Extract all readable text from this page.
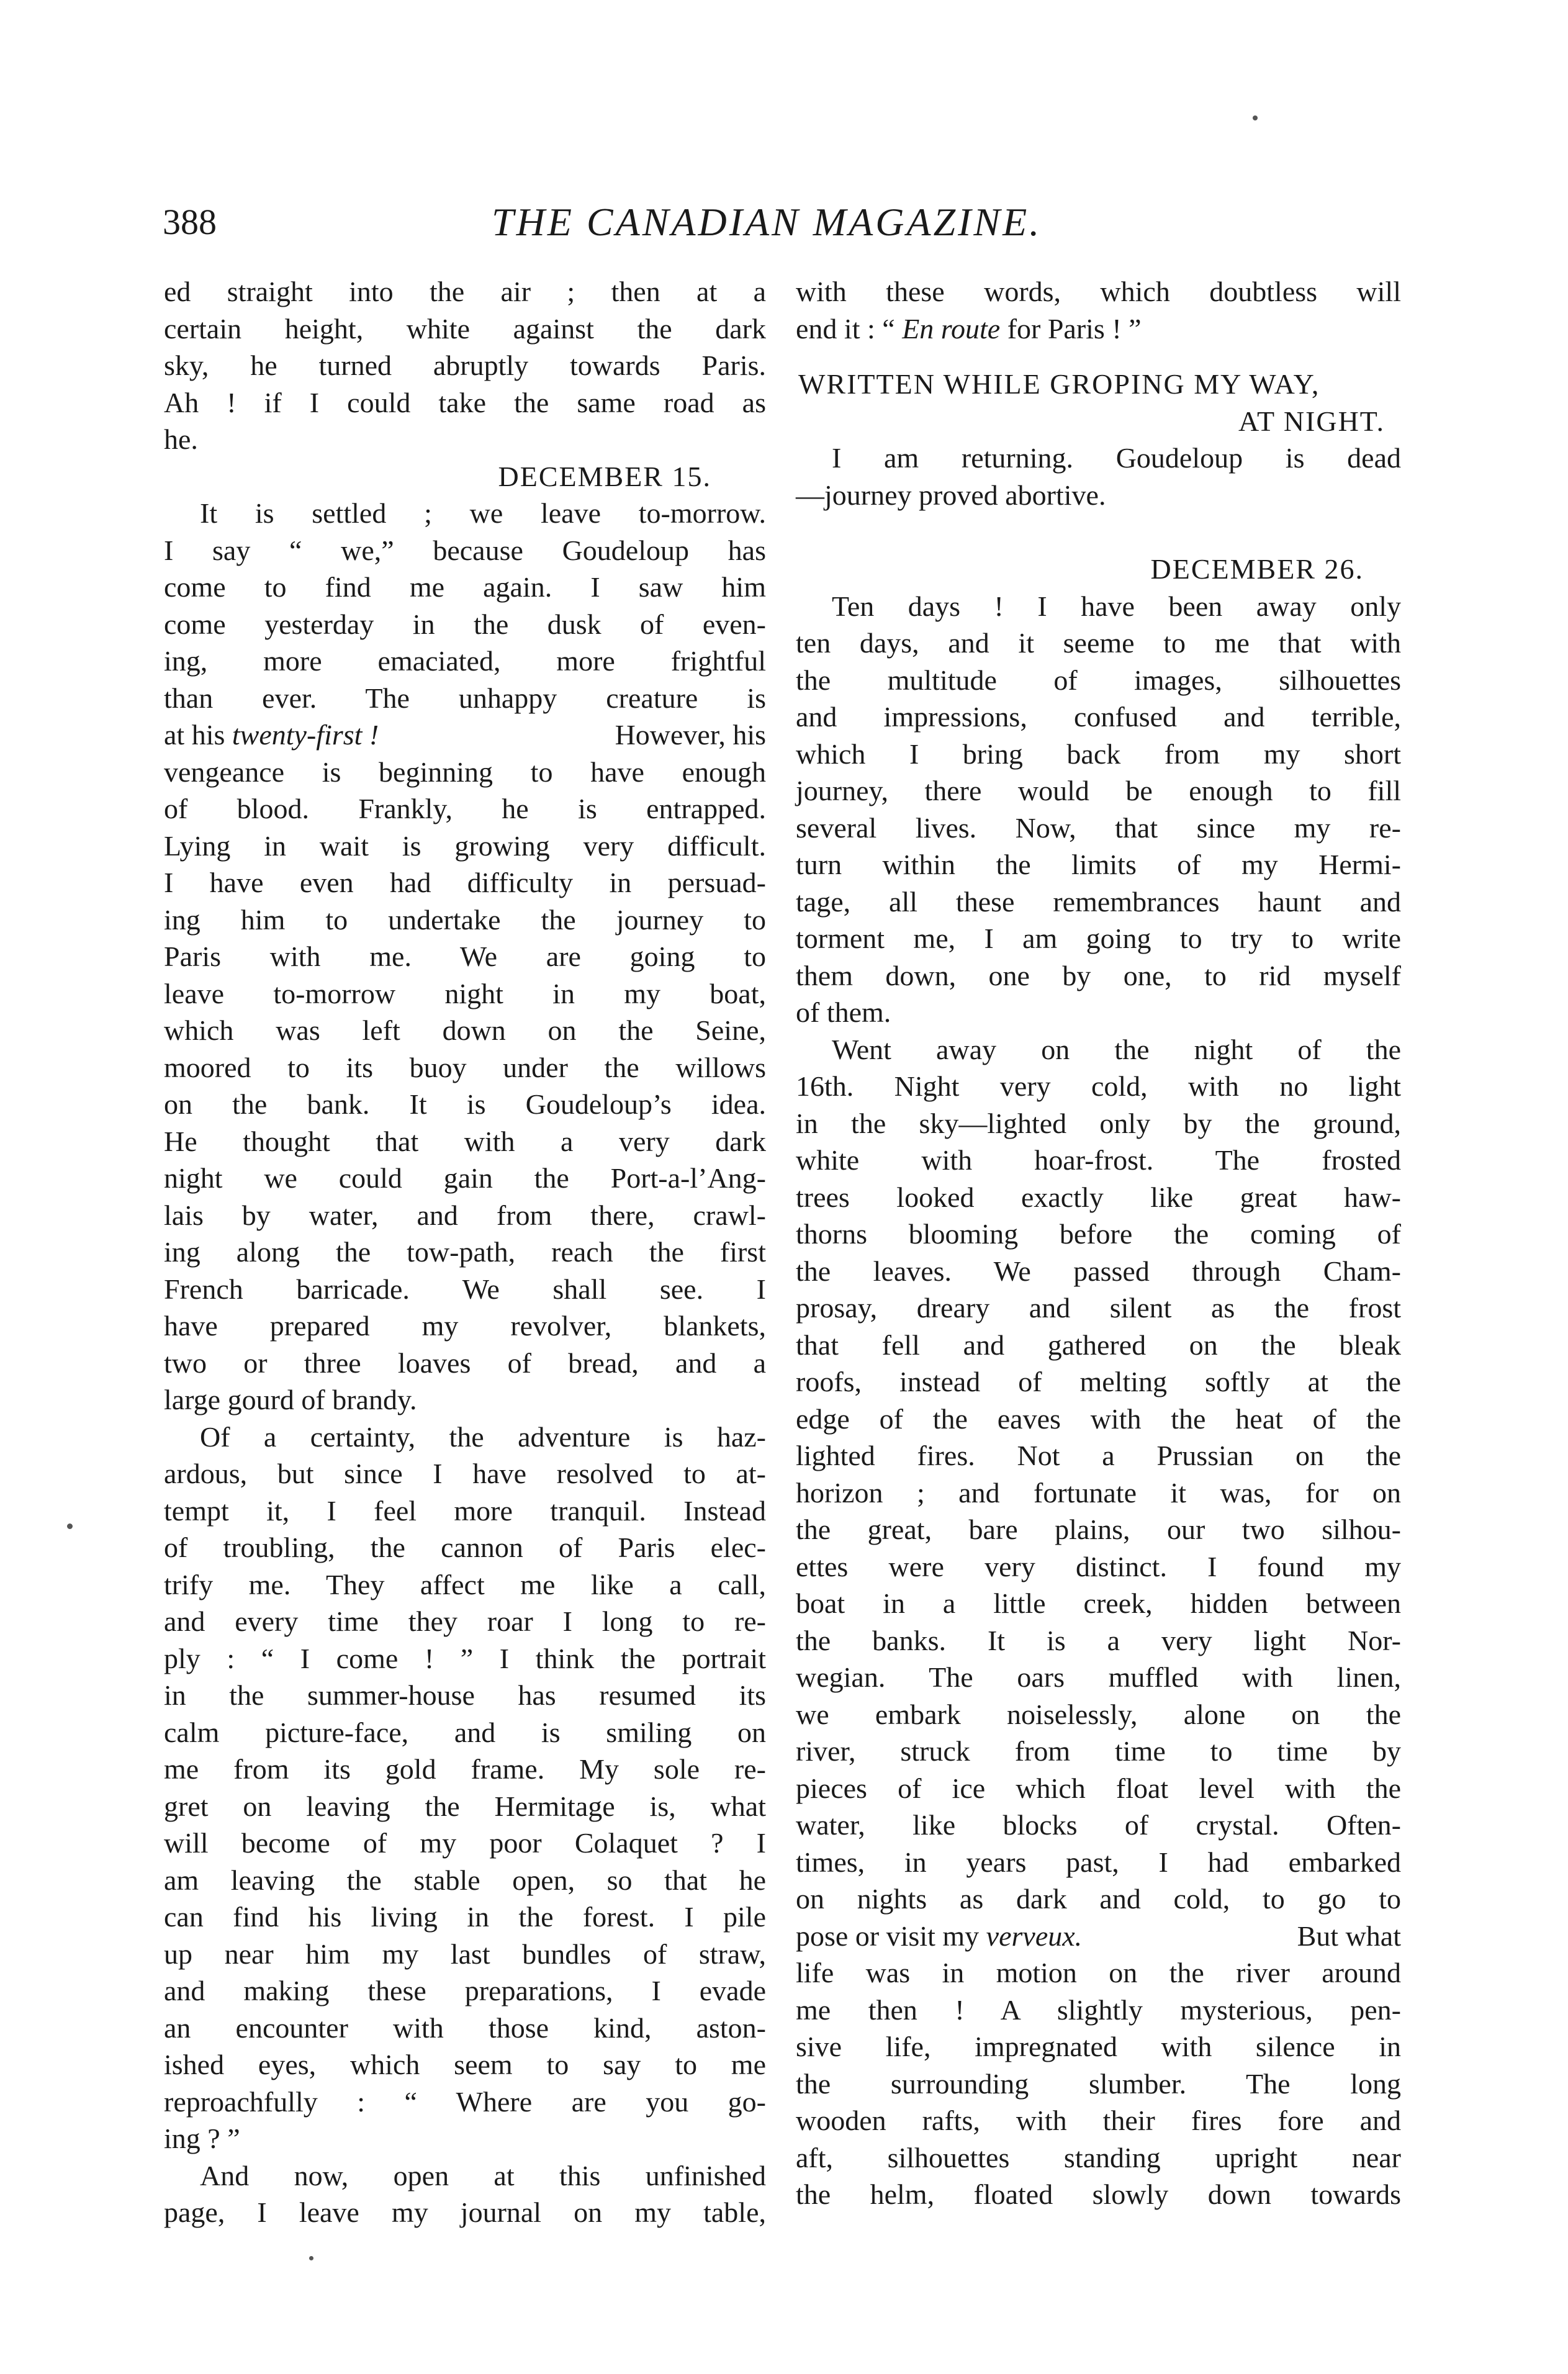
388	THE CANADIAN MAGAZINE.
ed straight into the air ; then at a
certain height, white against the dark
sky, he turned abruptly towards Paris.
Ah ! if I could take the same road as
he.
DECEMBER 15.
It is settled ; we leave to-morrow.
I say “ we,” because Goudeloup has
come to find me again. I saw him
come yesterday in the dusk of even-
ing, more emaciated, more frightful
than ever. The unhappy creature is
at his twenty-first !	However, his
vengeance is beginning to have enough
of blood. Frankly, he is entrapped.
Lying in wait is growing very difficult.
I have even had difficulty in persuad-
ing him to undertake the journey to
Paris with me. We are going to
leave to-morrow night in my boat,
which was left down on the Seine,
moored to its buoy under the willows
on the bank. It is Goudeloup’s idea.
He thought that with a very dark
night we could gain the Port-a-l’Ang-
lais by water, and from there, crawl-
ing along the tow-path, reach the first
French barricade. We shall see. I
have prepared my revolver, blankets,
two or three loaves of bread, and a
large gourd of brandy.
Of a certainty, the adventure is haz-
ardous, but since I have resolved to at-
tempt it, I feel more tranquil. Instead
of troubling, the cannon of Paris elec-
trify me. They affect me like a call,
and every time they roar I long to re-
ply : “ I come ! ” I think the portrait
in the summer-house has resumed its
calm picture-face, and is smiling on
me from its gold frame. My sole re-
gret on leaving the Hermitage is, what
will become of my poor Colaquet ? I
am leaving the stable open, so that he
can find his living in the forest. I pile
up near him my last bundles of straw,
and making these preparations, I evade
an encounter with those kind, aston-
ished eyes, which seem to say to me
reproachfully : “ Where are you go-
ing ? ”
And now, open at this unfinished
page, I leave my journal on my table,
with these words, which doubtless will
end it : “ En route for Paris ! ”
WRITTEN WHILE GROPING MY WAY,
AT NIGHT.
I am returning. Goudeloup is dead
—journey proved abortive.
DECEMBER 26.
Ten days ! I have been away only
ten days, and it seeme to me that with
the multitude of images, silhouettes
and impressions, confused and terrible,
which I bring back from my short
journey, there would be enough to fill
several lives. Now, that since my re-
turn within the limits of my Hermi-
tage, all these remembrances haunt and
torment me, I am going to try to write
them down, one by one, to rid myself
of them.
Went away on the night of the
16th. Night very cold, with no light
in the sky—lighted only by the ground,
white with hoar-frost. The frosted
trees looked exactly like great haw-
thorns blooming before the coming of
the leaves. We passed through Cham-
prosay, dreary and silent as the frost
that fell and gathered on the bleak
roofs, instead of melting softly at the
edge of the eaves with the heat of the
lighted fires. Not a Prussian on the
horizon ; and fortunate it was, for on
the great, bare plains, our two silhou-
ettes were very distinct. I found my
boat in a little creek, hidden between
the banks. It is a very light Nor-
wegian. The oars muffled with linen,
we embark noiselessly, alone on the
river, struck from time to time by
pieces of ice which float level with the
water, like blocks of crystal. Often-
times, in years past, I had embarked
on nights as dark and cold, to go to
pose or visit my verveux.	But what
life was in motion on the river around
me then ! A slightly mysterious, pen-
sive life, impregnated with silence in
the surrounding slumber. The long
wooden rafts, with their fires fore and
aft, silhouettes standing upright near
the helm, floated slowly down towards
